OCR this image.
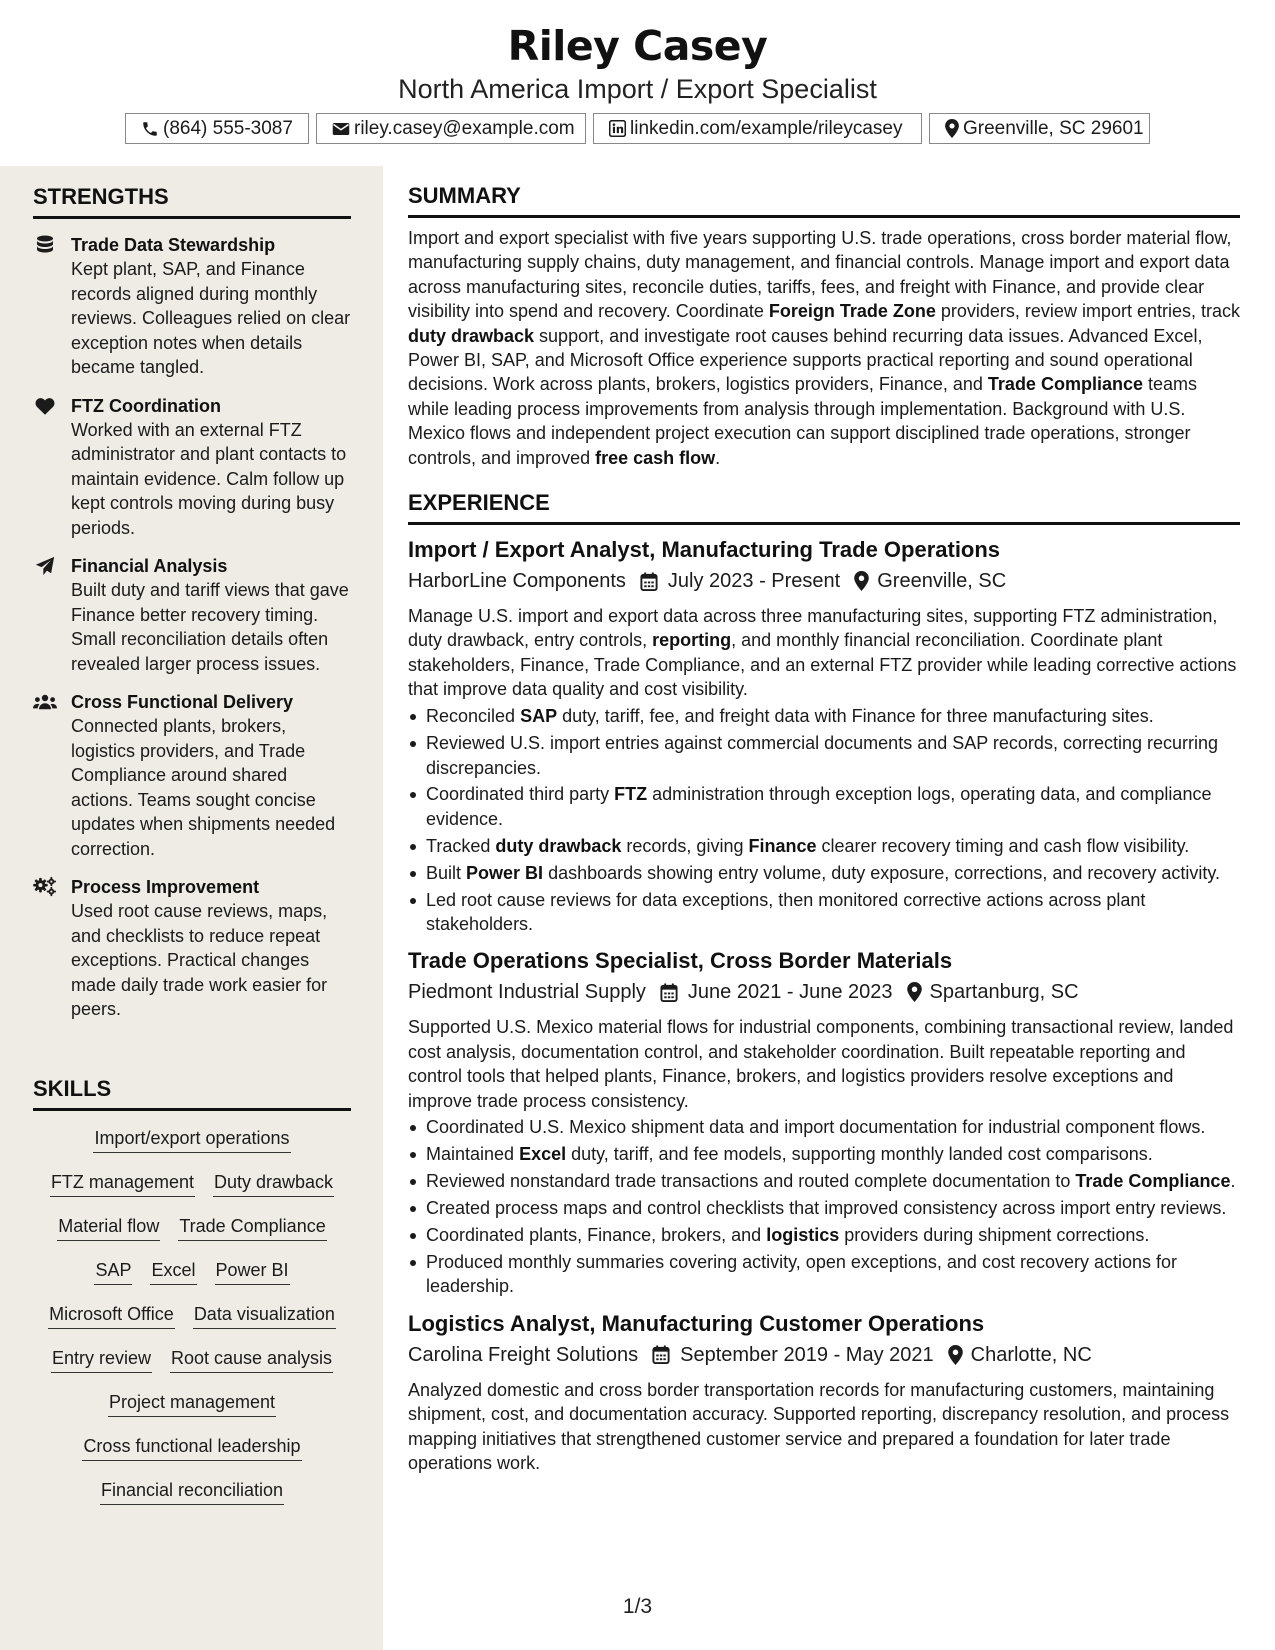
Riley Casey
North America Import / Export Specialist
(864) 555-3087	riley.casey@example.com	linkedin.com/example/rileycasey	Greenville, SC 29601
STRENGTHS
Trade Data Stewardship
Kept plant, SAP, and Finance records aligned during monthly reviews. Colleagues relied on clear exception notes when details became tangled.
FTZ Coordination
Worked with an external FTZ administrator and plant contacts to maintain evidence. Calm follow up kept controls moving during busy periods.
Financial Analysis
Built duty and tariff views that gave Finance better recovery timing. Small reconciliation details often revealed larger process issues.
Cross Functional Delivery
Connected plants, brokers, logistics providers, and Trade Compliance around shared actions. Teams sought concise updates when shipments needed correction.
Process Improvement
Used root cause reviews, maps, and checklists to reduce repeat exceptions. Practical changes made daily trade work easier for peers.
SKILLS
Import/export operations
FTZ management Duty drawback
Material flow Trade Compliance
SAP Excel Power BI
Microsoft Office Data visualization
Entry review Root cause analysis
Project management
Cross functional leadership
Financial reconciliation
SUMMARY
Import and export specialist with five years supporting U.S. trade operations, cross border material flow, manufacturing supply chains, duty management, and financial controls. Manage import and export data across manufacturing sites, reconcile duties, tariffs, fees, and freight with Finance, and provide clear visibility into spend and recovery. Coordinate Foreign Trade Zone providers, review import entries, track duty drawback support, and investigate root causes behind recurring data issues. Advanced Excel, Power BI, SAP, and Microsoft Office experience supports practical reporting and sound operational decisions. Work across plants, brokers, logistics providers, Finance, and Trade Compliance teams while leading process improvements from analysis through implementation. Background with U.S. Mexico flows and independent project execution can support disciplined trade operations, stronger controls, and improved free cash flow.
EXPERIENCE
Import / Export Analyst, Manufacturing Trade Operations
HarborLine Components July 2023 - Present Greenville, SC
Manage U.S. import and export data across three manufacturing sites, supporting FTZ administration, duty drawback, entry controls, reporting, and monthly financial reconciliation. Coordinate plant stakeholders, Finance, Trade Compliance, and an external FTZ provider while leading corrective actions that improve data quality and cost visibility.
Reconciled SAP duty, tariff, fee, and freight data with Finance for three manufacturing sites.
Reviewed U.S. import entries against commercial documents and SAP records, correcting recurring discrepancies.
Coordinated third party FTZ administration through exception logs, operating data, and compliance evidence.
Tracked duty drawback records, giving Finance clearer recovery timing and cash flow visibility.
Built Power BI dashboards showing entry volume, duty exposure, corrections, and recovery activity.
Led root cause reviews for data exceptions, then monitored corrective actions across plant stakeholders.
Trade Operations Specialist, Cross Border Materials
Piedmont Industrial Supply June 2021 - June 2023 Spartanburg, SC
Supported U.S. Mexico material flows for industrial components, combining transactional review, landed cost analysis, documentation control, and stakeholder coordination. Built repeatable reporting and control tools that helped plants, Finance, brokers, and logistics providers resolve exceptions and improve trade process consistency.
Coordinated U.S. Mexico shipment data and import documentation for industrial component flows.
Maintained Excel duty, tariff, and fee models, supporting monthly landed cost comparisons.
Reviewed nonstandard trade transactions and routed complete documentation to Trade Compliance.
Created process maps and control checklists that improved consistency across import entry reviews.
Coordinated plants, Finance, brokers, and logistics providers during shipment corrections.
Produced monthly summaries covering activity, open exceptions, and cost recovery actions for leadership.
Logistics Analyst, Manufacturing Customer Operations
Carolina Freight Solutions September 2019 - May 2021 Charlotte, NC
Analyzed domestic and cross border transportation records for manufacturing customers, maintaining shipment, cost, and documentation accuracy. Supported reporting, discrepancy resolution, and process mapping initiatives that strengthened customer service and prepared a foundation for later trade operations work.
1/3
